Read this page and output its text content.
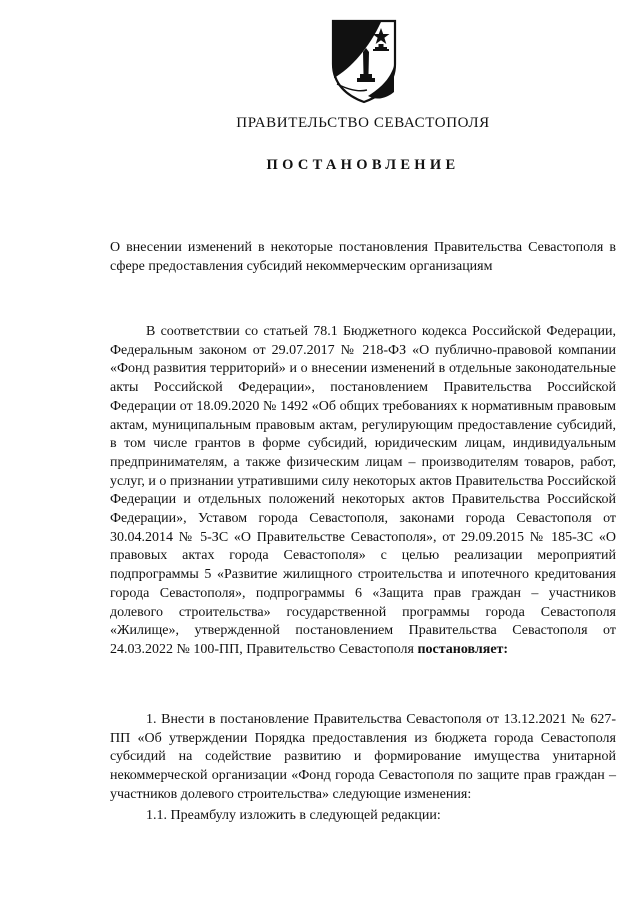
ПРАВИТЕЛЬСТВО СЕВАСТОПОЛЯ
ПОСТАНОВЛЕНИЕ
О внесении изменений в некоторые постановления Правительства Севастополя в сфере предоставления субсидий некоммерческим организациям
В соответствии со статьей 78.1 Бюджетного кодекса Российской Федерации, Федеральным законом от 29.07.2017 № 218-ФЗ «О публично-правовой компании «Фонд развития территорий» и о внесении изменений в отдельные законодательные акты Российской Федерации», постановлением Правительства Российской Федерации от 18.09.2020 № 1492 «Об общих требованиях к нормативным правовым актам, муниципальным правовым актам, регулирующим предоставление субсидий, в том числе грантов в форме субсидий, юридическим лицам, индивидуальным предпринимателям, а также физическим лицам – производителям товаров, работ, услуг, и о признании утратившими силу некоторых актов Правительства Российской Федерации и отдельных положений некоторых актов Правительства Российской Федерации», Уставом города Севастополя, законами города Севастополя от 30.04.2014 № 5-ЗС «О Правительстве Севастополя», от 29.09.2015 № 185-ЗС «О правовых актах города Севастополя» с целью реализации мероприятий подпрограммы 5 «Развитие жилищного строительства и ипотечного кредитования города Севастополя», подпрограммы 6 «Защита прав граждан – участников долевого строительства» государственной программы города Севастополя «Жилище», утвержденной постановлением Правительства Севастополя от 24.03.2022 № 100-ПП, Правительство Севастополя постановляет:
1. Внести в постановление Правительства Севастополя от 13.12.2021 № 627-ПП «Об утверждении Порядка предоставления из бюджета города Севастополя субсидий на содействие развитию и формирование имущества унитарной некоммерческой организации «Фонд города Севастополя по защите прав граждан – участников долевого строительства» следующие изменения:
1.1. Преамбулу изложить в следующей редакции:
